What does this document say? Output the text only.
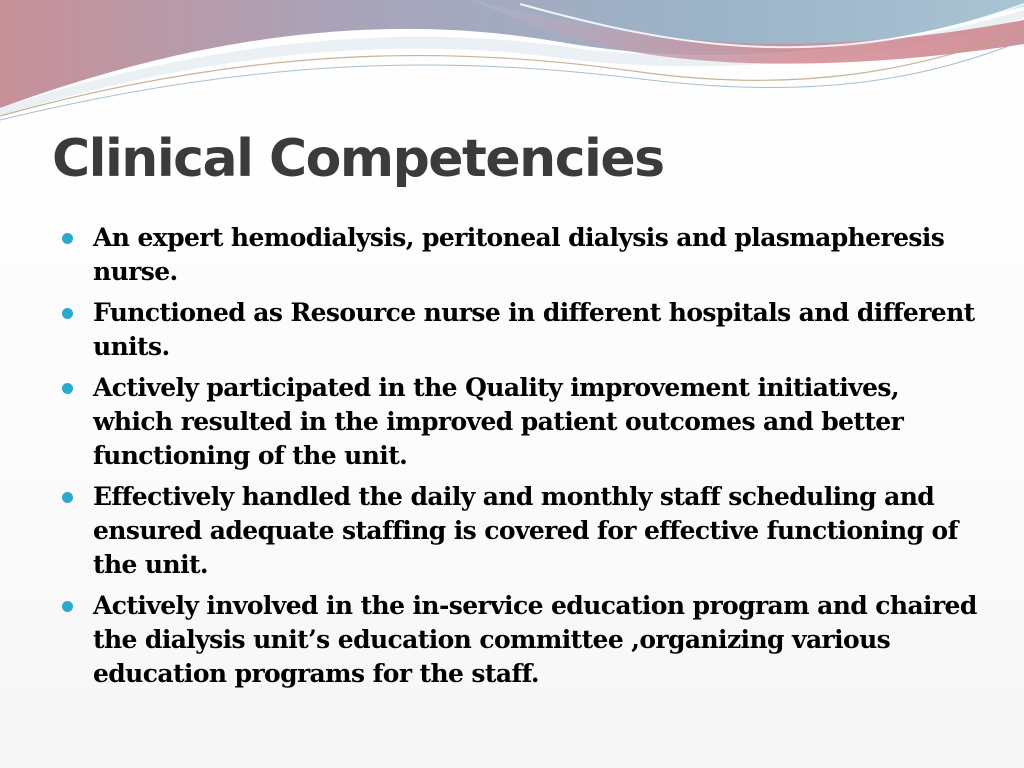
Clinical Competencies
An expert hemodialysis, peritoneal dialysis and plasmapheresis nurse.
Functioned as Resource nurse in different hospitals and different units.
Actively participated in the Quality improvement initiatives, which resulted in the improved patient outcomes and better functioning of the unit.
Effectively handled the daily and monthly staff scheduling and ensured adequate staffing is covered for effective functioning of the unit.
Actively involved in the in-service education program and chaired the dialysis unit’s education committee ,organizing various education programs for the staff.
